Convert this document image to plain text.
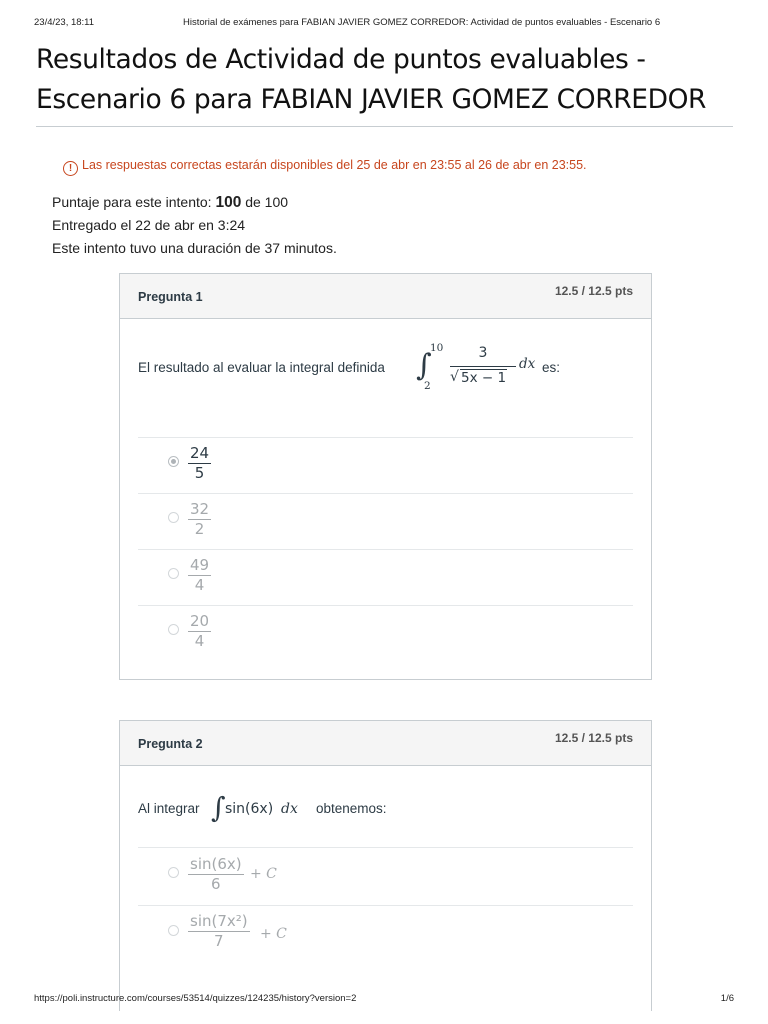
23/4/23, 18:11	Historial de exámenes para FABIAN JAVIER GOMEZ CORREDOR: Actividad de puntos evaluables - Escenario 6
Resultados de Actividad de puntos evaluables -
Escenario 6 para FABIAN JAVIER GOMEZ CORREDOR
! Las respuestas correctas estarán disponibles del 25 de abr en 23:55 al 26 de abr en 23:55.
Puntaje para este intento: 100 de 100
Entregado el 22 de abr en 3:24
Este intento tuvo una duración de 37 minutos.
Pregunta 1	12.5 / 12.5 pts
El resultado al evaluar la integral definida ∫
10
2
3
√ 5x − 1
dx es:
$\frac{24}{5}$
$\frac{32}{2}$
$\frac{49}{4}$
$\frac{20}{4}$
Pregunta 2	12.5 / 12.5 pts
Al integrar ∫ sin(6x) dx obtenemos:
$\frac{\sin(6x)}{6} + C$
$\frac{\text{sin(7x²)}}{7} + C$
https://poli.instructure.com/courses/53514/quizzes/124235/history?version=2	1/6
